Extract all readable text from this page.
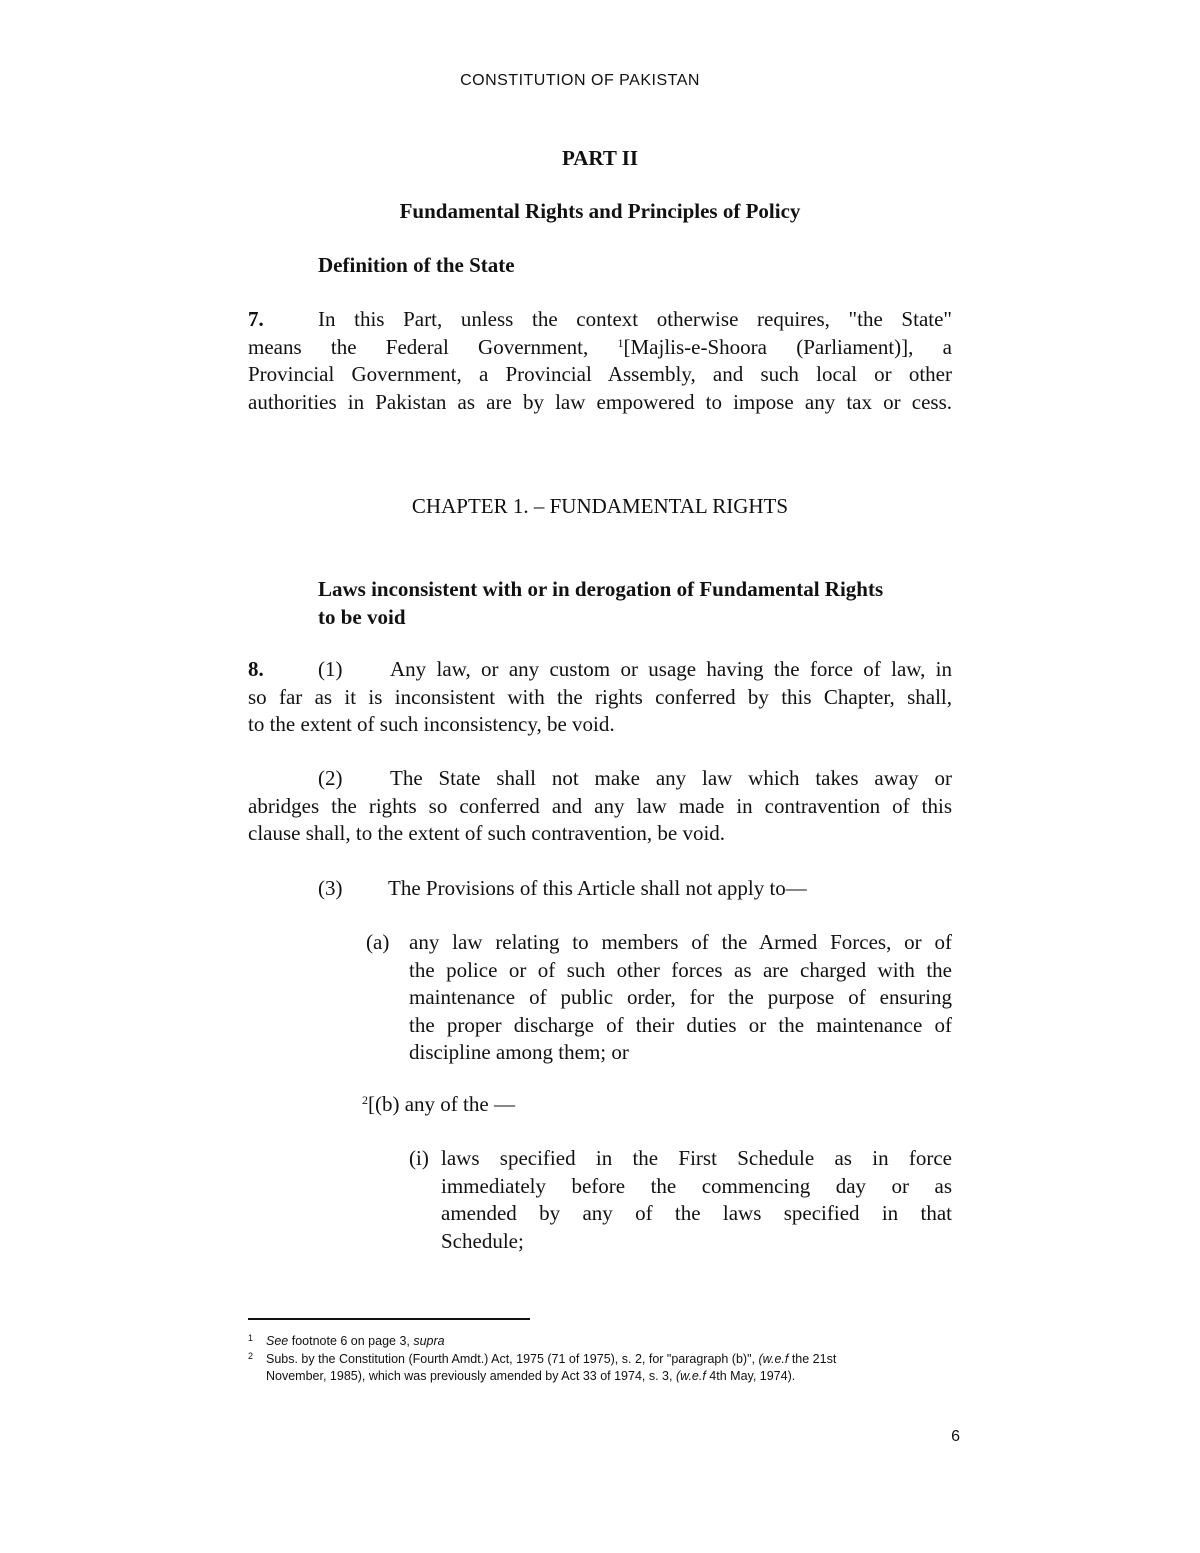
CONSTITUTION OF PAKISTAN
PART II
Fundamental Rights and Principles of Policy
Definition of the State
7.	In this Part, unless the context otherwise requires, "the State"
means the Federal Government, $^1$[Majlis-e-Shoora (Parliament)], a
Provincial Government, a Provincial Assembly, and such local or other
authorities in Pakistan as are by law empowered to impose any tax or cess.
CHAPTER 1. – FUNDAMENTAL RIGHTS
Laws inconsistent with or in derogation of Fundamental Rights
to be void
8.	(1) Any law, or any custom or usage having the force of law, in
so far as it is inconsistent with the rights conferred by this Chapter, shall,
to the extent of such inconsistency, be void.
(2) The State shall not make any law which takes away or
abridges the rights so conferred and any law made in contravention of this
clause shall, to the extent of such contravention, be void.
(3) The Provisions of this Article shall not apply to—
(a) any law relating to members of the Armed Forces, or of
the police or of such other forces as are charged with the
maintenance of public order, for the purpose of ensuring
the proper discharge of their duties or the maintenance of
discipline among them; or
$^2$[(b) any of the —
(i) laws specified in the First Schedule as in force
immediately before the commencing day or as
amended by any of the laws specified in that
Schedule;
1 See footnote 6 on page 3, supra
2 Subs. by the Constitution (Fourth Amdt.) Act, 1975 (71 of 1975), s. 2, for "paragraph (b)", (w.e.f the 21st
November, 1985), which was previously amended by Act 33 of 1974, s. 3, (w.e.f 4th May, 1974).
6
